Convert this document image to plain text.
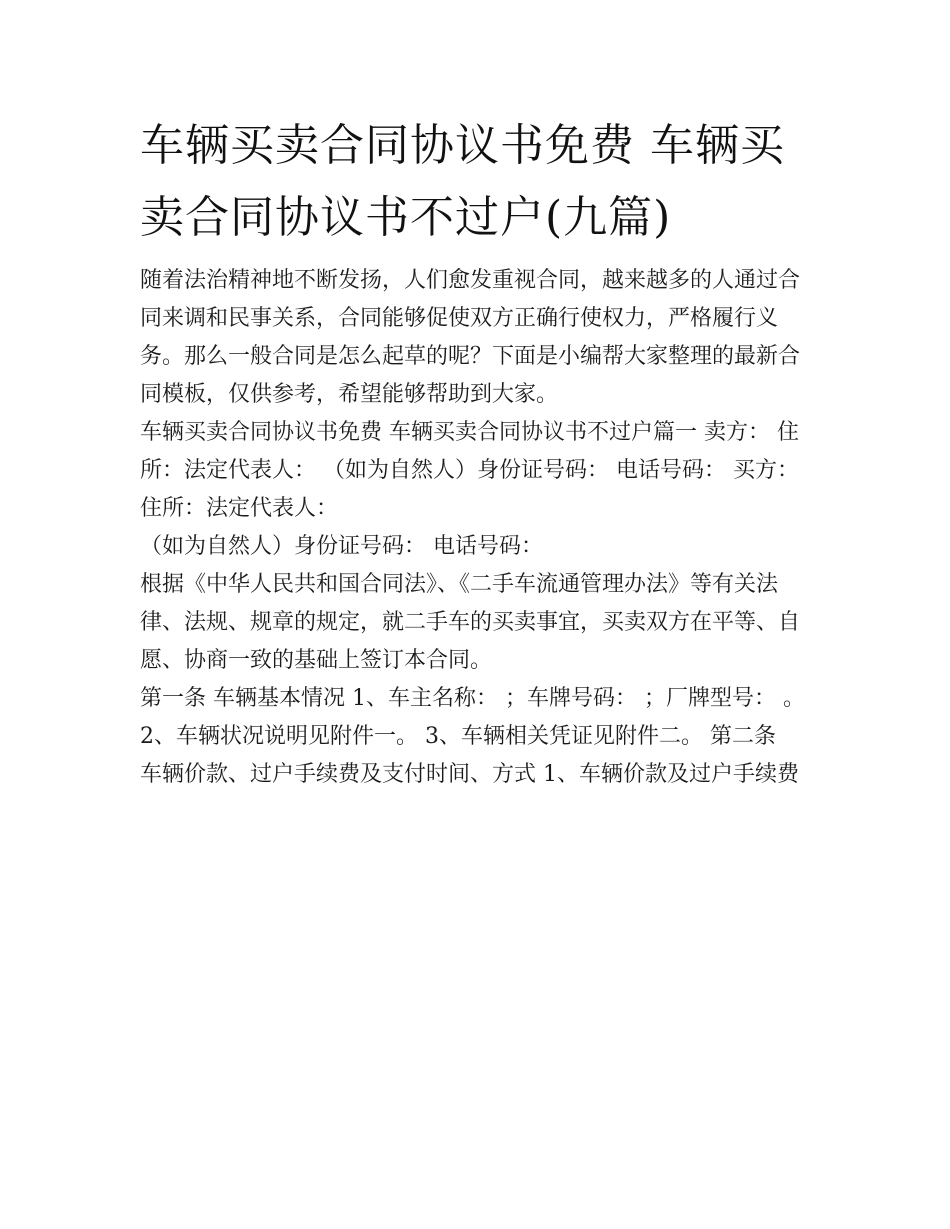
车辆买卖合同协议书免费 车辆买卖合同协议书不过户(九篇)

随着法治精神地不断发扬，人们愈发重视合同，越来越多的人通过合同来调和民事关系，合同能够促使双方正确行使权力，严格履行义务。那么一般合同是怎么起草的呢？下面是小编帮大家整理的最新合同模板，仅供参考，希望能够帮助到大家。

车辆买卖合同协议书免费 车辆买卖合同协议书不过户篇一 卖方： 住所：法定代表人： （如为自然人）身份证号码： 电话号码： 买方： 住所：法定代表人：

（如为自然人）身份证号码： 电话号码：

根据《中华人民共和国合同法》、《二手车流通管理办法》等有关法律、法规、规章的规定，就二手车的买卖事宜，买卖双方在平等、自愿、协商一致的基础上签订本合同。

第一条 车辆基本情况 1、车主名称： ；车牌号码： ；厂牌型号： 。 2、车辆状况说明见附件一。 3、车辆相关凭证见附件二。 第二条

车辆价款、过户手续费及支付时间、方式 1、车辆价款及过户手续费
